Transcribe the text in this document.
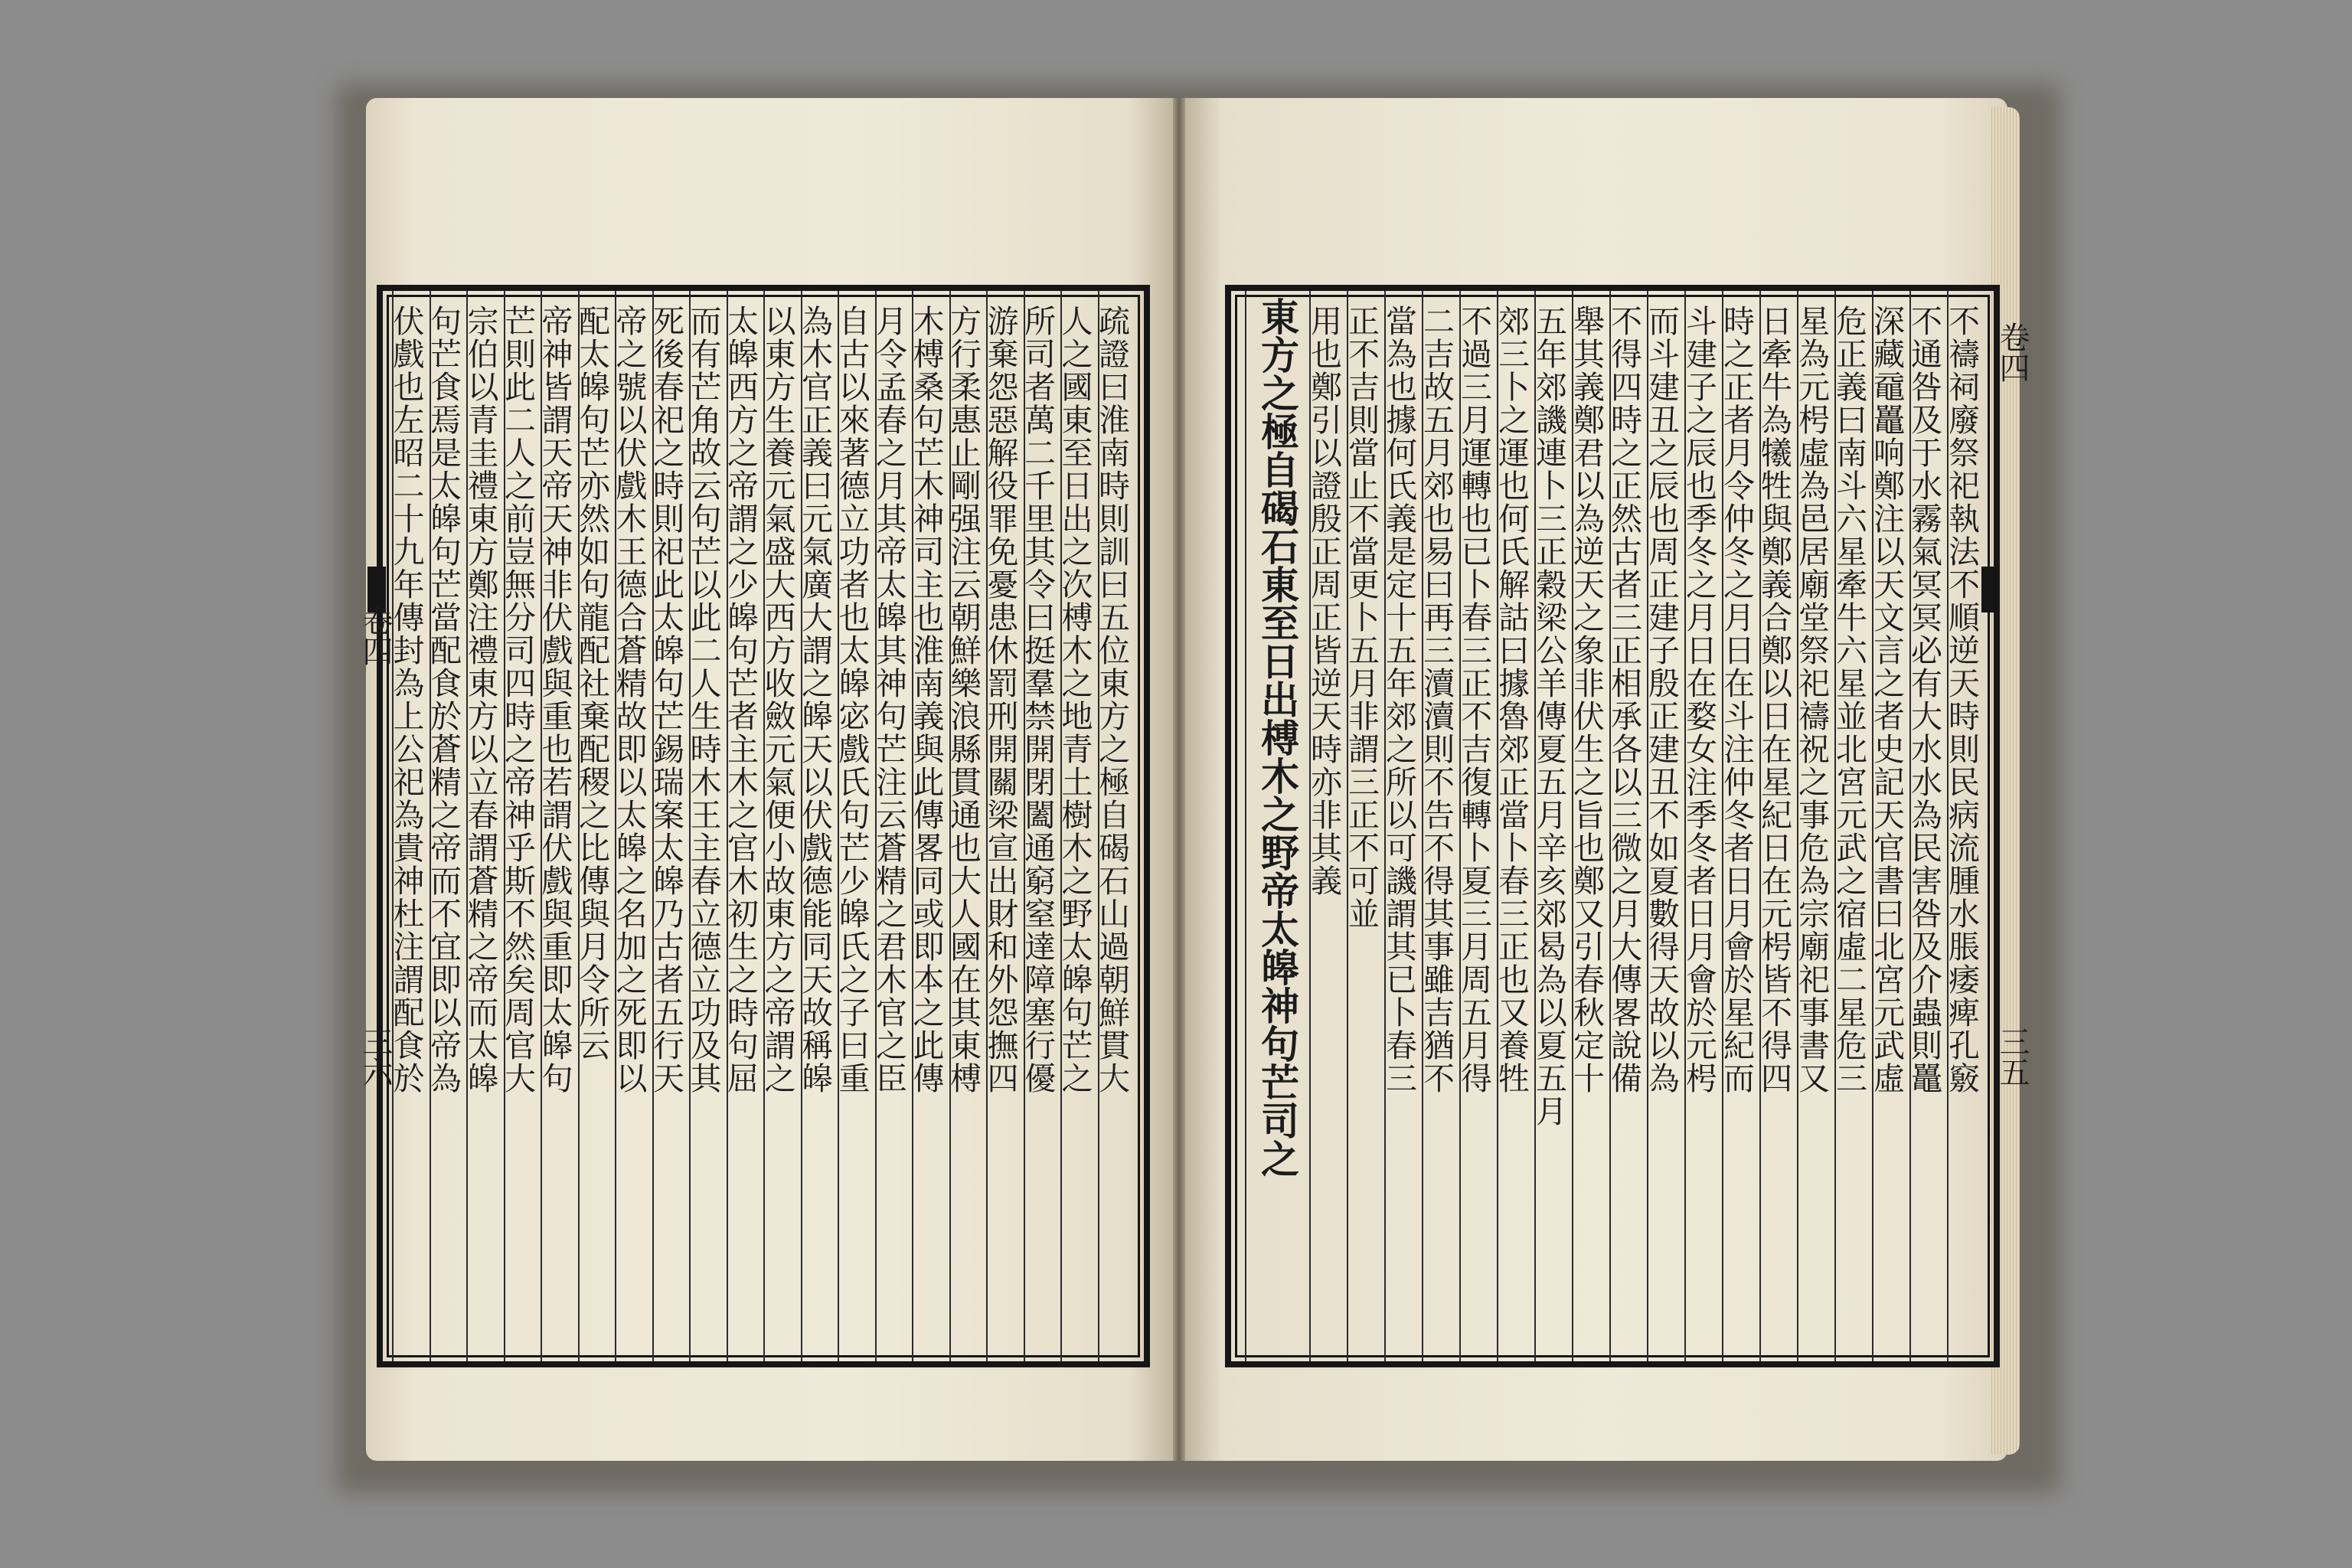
疏證曰淮南時則訓曰五位東方之極自碣石山過朝鮮貫大
人之國東至日出之次榑木之地青土樹木之野太皞句芒之
所司者萬二千里其令曰挺羣禁開閉闔通窮窒達障塞行優
游棄怨惡解役罪免憂患休罰刑開關梁宣出財和外怨撫四
方行柔惠止剛强注云朝鮮樂浪縣貫通也大人國在其東榑
木榑桑句芒木神司主也淮南義與此傳畧同或即本之此傳
月令孟春之月其帝太皞其神句芒注云蒼精之君木官之臣
自古以來著德立功者也太皞宓戲氏句芒少皞氏之子曰重
為木官正義曰元氣廣大謂之皞天以伏戲德能同天故稱皞
以東方生養元氣盛大西方收斂元氣便小故東方之帝謂之
太皞西方之帝謂之少皞句芒者主木之官木初生之時句屈
而有芒角故云句芒以此二人生時木王主春立德立功及其
死後春祀之時則祀此太皞句芒錫瑞案太皞乃古者五行天
帝之號以伏戲木王德合蒼精故即以太皞之名加之死即以
配太皞句芒亦然如句龍配社棄配稷之比傳與月令所云
帝神皆謂天帝天神非伏戲與重也若謂伏戲與重即太皞句
芒則此二人之前豈無分司四時之帝神乎斯不然矣周官大
宗伯以青圭禮東方鄭注禮東方以立春謂蒼精之帝而太皞
句芒食焉是太皞句芒當配食於蒼精之帝而不宜即以帝為
伏戲也左昭二十九年傳封為上公祀為貴神杜注謂配食於
卷四
三六	不禱祠廢祭祀執法不順逆天時則民病流腫水脹痿痺孔竅
不通咎及于水霧氣冥冥必有大水水為民害咎及介蟲則鼉
深藏黿鼉响鄭注以天文言之者史記天官書曰北宮元武虛
危正義曰南斗六星牽牛六星並北宮元武之宿虛二星危三
星為元枵虛為邑居廟堂祭祀禱祝之事危為宗廟祀事書又
日牽牛為犧牲與鄭義合鄭以日在星紀日在元枵皆不得四
時之正者月令仲冬之月日在斗注仲冬者日月會於星紀而
斗建子之辰也季冬之月日在婺女注季冬者日月會於元枵
而斗建丑之辰也周正建子殷正建丑不如夏數得天故以為
不得四時之正然古者三正相承各以三微之月大傳畧說備
舉其義鄭君以為逆天之象非伏生之旨也鄭又引春秋定十
五年郊譏連卜三正穀梁公羊傳夏五月辛亥郊曷為以夏五月
郊三卜之運也何氏解詁曰據魯郊正當卜春三正也又養牲
不過三月運轉也已卜春三正不吉復轉卜夏三月周五月得
二吉故五月郊也易曰再三瀆瀆則不告不得其事雖吉猶不
當為也據何氏義是定十五年郊之所以可譏謂其已卜春三
正不吉則當止不當更卜五月非謂三正不可並
用也鄭引以證殷正周正皆逆天時亦非其義
東方之極自碣石東至日出榑木之野帝太皞神句芒司之	卷四
三五
